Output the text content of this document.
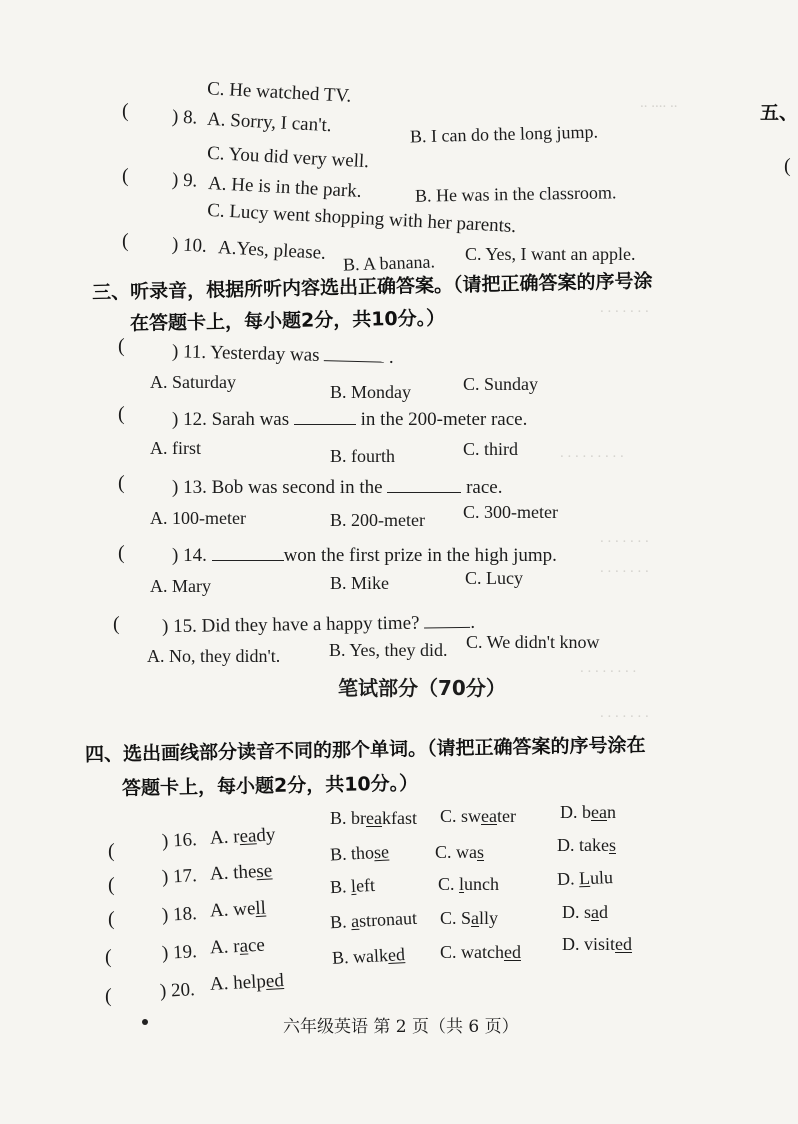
.. .... ..
. . . . . . .
. . . . . . . . .
. . . . . . .
. . . . . . .
. . . . . . . .
. . . . . . .
五、
(
C. He watched TV.
( ) 8. A. Sorry, I can't.	B. I can do the long jump.
C. You did very well.
( ) 9. A. He is in the park.	B. He was in the classroom.
C. Lucy went shopping with her parents.
( ) 10. A.Yes, please. B. A banana. C. Yes, I want an apple.
三、听录音，根据所听内容选出正确答案。（请把正确答案的序号涂
在答题卡上，每小题2分，共10分。）
( ) 11. Yesterday was	.
A. Saturday	B. Monday	C. Sunday
( ) 12. Sarah was	in the 200-meter race.
A. first	B. fourth	C. third
( ) 13. Bob was second in the	race.
A. 100-meter	B. 200-meter C. 300-meter
( ) 14.	won the first prize in the high jump.
A. Mary	B. Mike	C. Lucy
( ) 15. Did they have a happy time?	.
A. No, they didn't.	B. Yes, they did. C. We didn't know
笔试部分（70分）
四、选出画线部分读音不同的那个单词。（请把正确答案的序号涂在
答题卡上，每小题2分，共10分。）
( ) 16. A. ready
B. breakfast C. sweater D. bean
( ) 17. A. these
B. those	C. was	D. takes
( ) 18. A. well
B. left	C. lunch	D. Lulu
(	) 19. A. race
B. astronaut C. Sally	D. sad
(	) 20. A. helped
B. walked C. watched D. visited
六年级英语 第 2 页（共 6 页）
